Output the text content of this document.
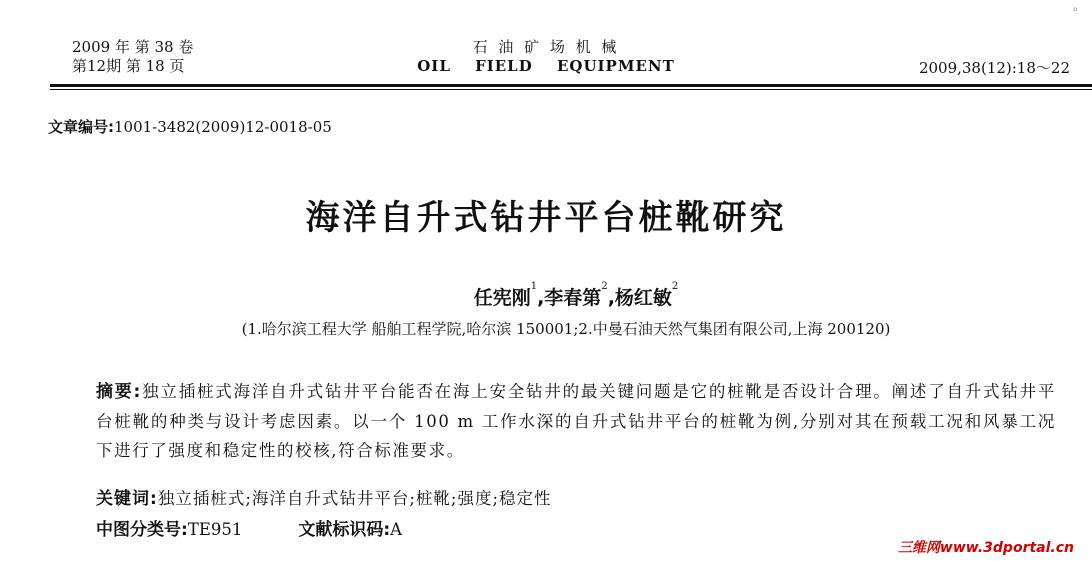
2009 年 第 38 卷
第12期 第 18 页
石 油 矿 场 机 械
OIL FIELD EQUIPMENT	2009,38(12):18～22
°
文章编号:1001-3482(2009)12-0018-05
海洋自升式钻井平台桩靴研究
任宪刚$^1$,李春第$^2$,杨红敏$^2$
(1.哈尔滨工程大学 船舶工程学院,哈尔滨 150001;2.中曼石油天然气集团有限公司,上海 200120)
摘要:独立插桩式海洋自升式钻井平台能否在海上安全钻井的最关键问题是它的桩靴是否设计合理。阐述了自升式钻井平台桩靴的种类与设计考虑因素。以一个 100 m 工作水深的自升式钻井平台的桩靴为例,分别对其在预载工况和风暴工况下进行了强度和稳定性的校核,符合标准要求。
关键词:独立插桩式;海洋自升式钻井平台;桩靴;强度;稳定性
中图分类号:TE951	文献标识码:A
三维网www.3dportal.cn
